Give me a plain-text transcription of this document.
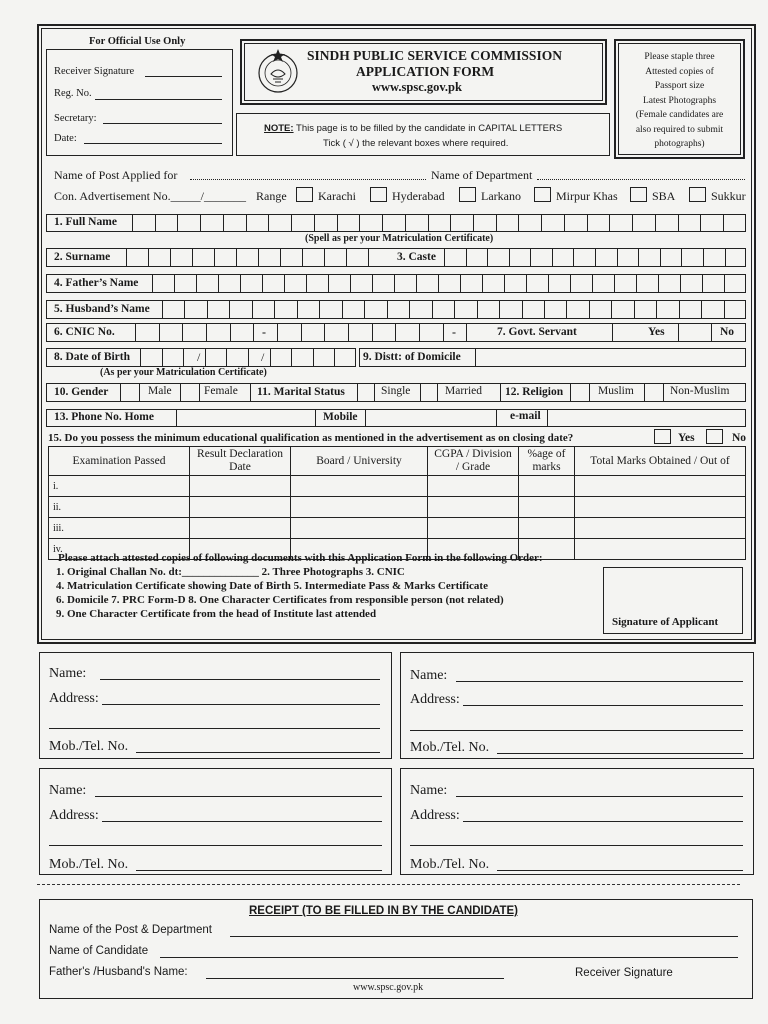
For Official Use Only
Receiver Signature
Reg. No.
Secretary:
Date:
SINDH PUBLIC SERVICE COMMISSION
APPLICATION FORM
www.spsc.gov.pk
NOTE: This page is to be filled by the candidate in CAPITAL LETTERS
Tick ( √ ) the relevant boxes where required.
Please staple three
Attested copies of
Passport size
Latest Photographs
(Female candidates are
also required to submit
photographs)
Name of Post Applied for	Name of Department
Con. Advertisement No._____/_______ Range	Karachi	Hyderabad	Larkano	Mirpur Khas	SBA	Sukkur
1. Full Name
(Spell as per your Matriculation Certificate)
2. Surname	3. Caste
4. Father’s Name
5. Husband’s Name
6. CNIC No.	-	-	7. Govt. Servant	Yes	No
8. Date of Birth	/	/	9. Distt: of Domicile
(As per your Matriculation Certificate)
10. Gender	Male	Female 11. Marital Status	Single	Married 12. Religion	Muslim	Non-Muslim
13. Phone No. Home	Mobile	e-mail
15. Do you possess the minimum educational qualification as mentioned in the advertisement as on closing date?	Yes	No
Examination Passed	Result Declaration Date	Board / University	CGPA / Division / Grade	%age of marks	Total Marks Obtained / Out of
i.					
ii.					
iii.					
iv.					
Please attach attested copies of following documents with this Application Form in the following Order:
1. Original Challan No. dt:______________ 2. Three Photographs 3. CNIC
4. Matriculation Certificate showing Date of Birth 5. Intermediate Pass & Marks Certificate
6. Domicile 7. PRC Form-D 8. One Character Certificates from responsible person (not related)
9. One Character Certificate from the head of Institute last attended
Signature of Applicant
Name:
Address:
Mob./Tel. No.
Name:
Address:
Mob./Tel. No.
Name:
Address:
Mob./Tel. No.
Name:
Address:
Mob./Tel. No.
RECEIPT (TO BE FILLED IN BY THE CANDIDATE)
Name of the Post & Department
Name of Candidate
Father's /Husband's Name:	Receiver Signature
www.spsc.gov.pk
